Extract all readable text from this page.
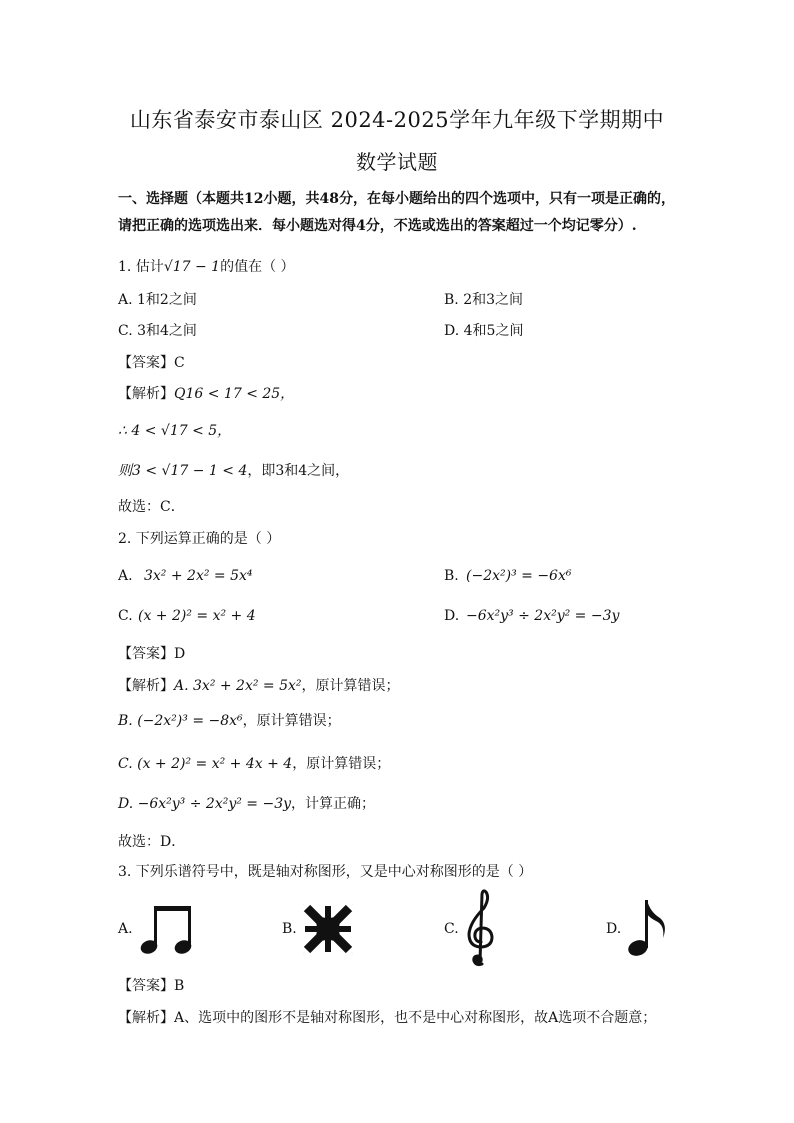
山东省泰安市泰山区 2024-2025学年九年级下学期期中
数学试题
一、选择题（本题共12小题，共48分，在每小题给出的四个选项中，只有一项是正确的，
请把正确的选项选出来．每小题选对得4分，不选或选出的答案超过一个均记零分）.
1. 估计√17 − 1的值在（ ）
A. 1和2之间	B. 2和3之间
C. 3和4之间	D. 4和5之间
【答案】C
【解析】Q16 < 17 < 25，
∴ 4 < √17 < 5，
则3 < √17 − 1 < 4，即3和4之间，
故选：C．
2. 下列运算正确的是（ ）
A. 3x² + 2x² = 5x⁴	B. (−2x²)³ = −6x⁶
C. (x + 2)² = x² + 4	D. −6x²y³ ÷ 2x²y² = −3y
【答案】D
【解析】A. 3x² + 2x² = 5x²，原计算错误；
B. (−2x²)³ = −8x⁶，原计算错误；
C. (x + 2)² = x² + 4x + 4，原计算错误；
D. −6x²y³ ÷ 2x²y² = −3y，计算正确；
故选：D．
3. 下列乐谱符号中，既是轴对称图形，又是中心对称图形的是（ ）
A.	B.	C.	D.
【答案】B
【解析】A、选项中的图形不是轴对称图形，也不是中心对称图形，故A选项不合题意；
